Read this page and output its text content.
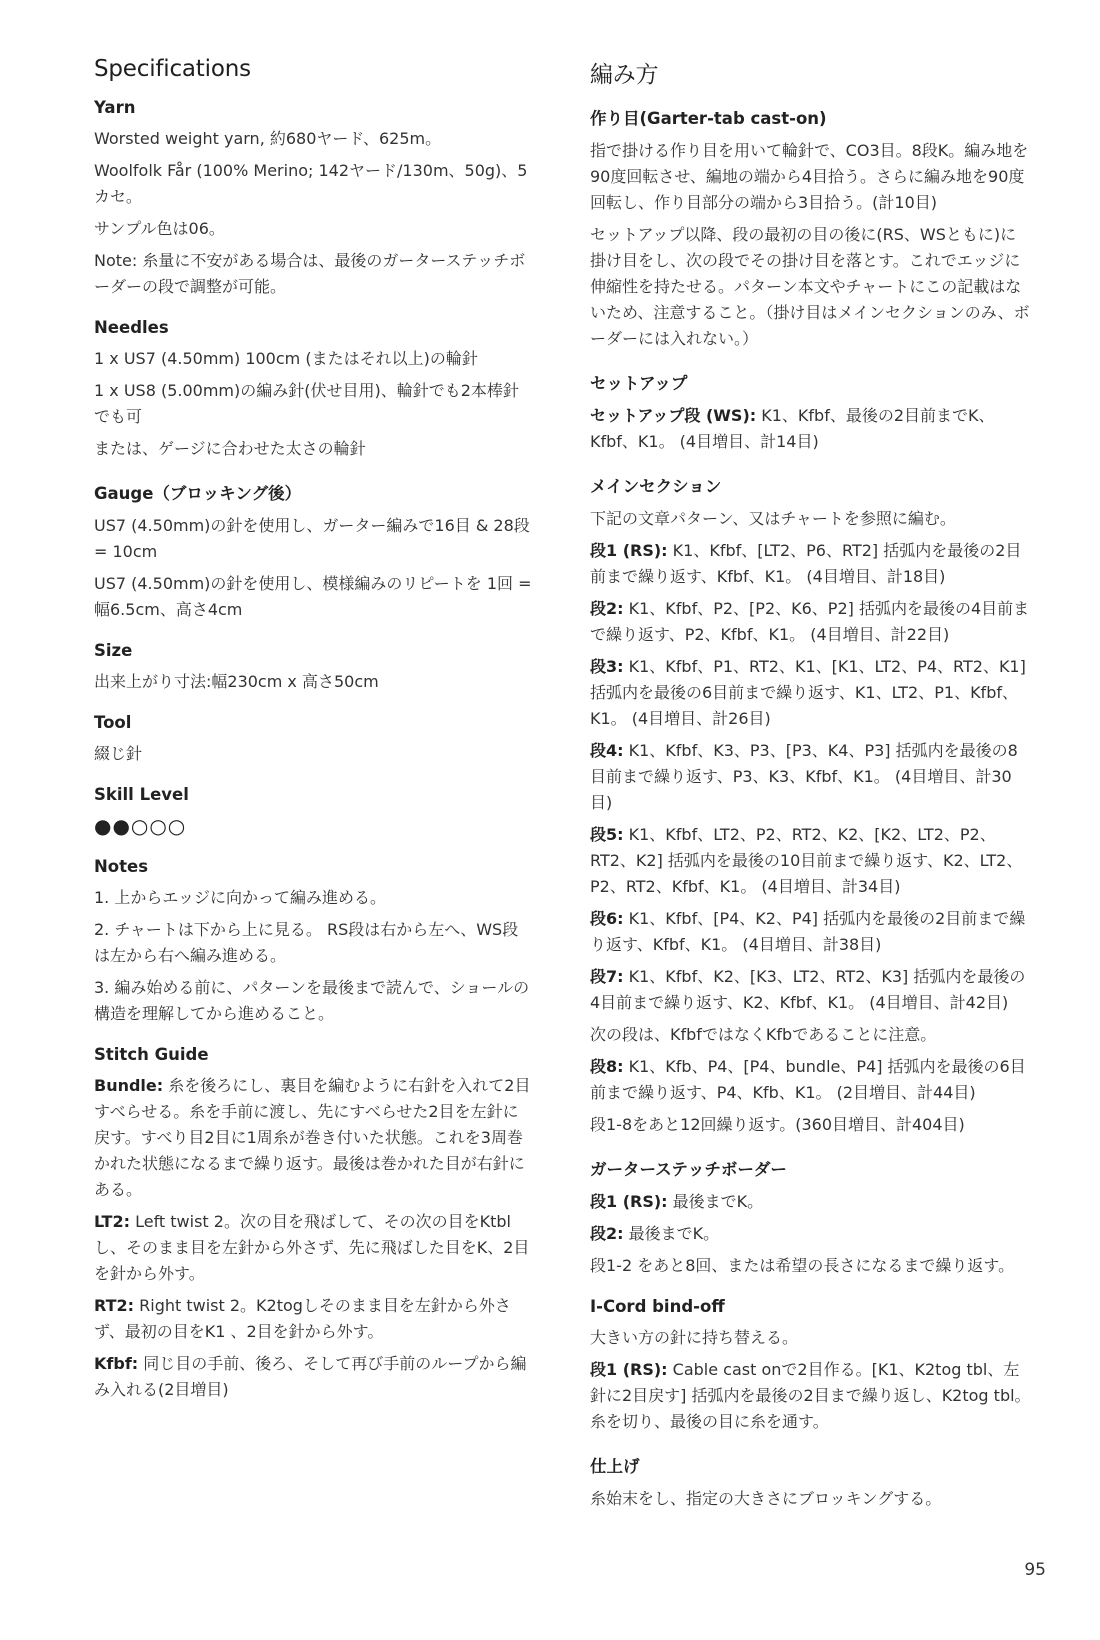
Specifications
Yarn

Worsted weight yarn, 約680ヤード、625m。

Woolfolk Får (100% Merino; 142ヤード/130m、50g)、5カセ。

サンプル色は06。

Note: 糸量に不安がある場合は、最後のガーターステッチボーダーの段で調整が可能。

Needles

1 x US7 (4.50mm) 100cm (またはそれ以上)の輪針

1 x US8 (5.00mm)の編み針(伏せ目用)、輪針でも2本棒針でも可

または、ゲージに合わせた太さの輪針

Gauge（ブロッキング後）

US7 (4.50mm)の針を使用し、ガーター編みで16目 & 28段 = 10cm

US7 (4.50mm)の針を使用し、模様編みのリピートを 1回 = 幅6.5cm、高さ4cm

Size

出来上がり寸法:幅230cm x 高さ50cm

Tool

綴じ針

Skill Level

●●○○○

Notes

1. 上からエッジに向かって編み進める。

2. チャートは下から上に見る。 RS段は右から左へ、WS段は左から右へ編み進める。

3. 編み始める前に、パターンを最後まで読んで、ショールの構造を理解してから進めること。

Stitch Guide

Bundle: 糸を後ろにし、裏目を編むように右針を入れて2目すべらせる。糸を手前に渡し、先にすべらせた2目を左針に戻す。すべり目2目に1周糸が巻き付いた状態。これを3周巻かれた状態になるまで繰り返す。最後は巻かれた目が右針にある。

LT2: Left twist 2。次の目を飛ばして、その次の目をKtblし、そのまま目を左針から外さず、先に飛ばした目をK、2目を針から外す。

RT2: Right twist 2。K2togしそのまま目を左針から外さず、最初の目をK1 、2目を針から外す。

Kfbf: 同じ目の手前、後ろ、そして再び手前のループから編み入れる(2目増目)

編み方
作り目(Garter-tab cast-on)

指で掛ける作り目を用いて輪針で、CO3目。8段K。編み地を90度回転させ、編地の端から4目拾う。さらに編み地を90度回転し、作り目部分の端から3目拾う。(計10目)

セットアップ以降、段の最初の目の後に(RS、WSともに)に掛け目をし、次の段でその掛け目を落とす。これでエッジに伸縮性を持たせる。パターン本文やチャートにこの記載はないため、注意すること。（掛け目はメインセクションのみ、ボーダーには入れない。）

セットアップ

セットアップ段 (WS): K1、Kfbf、最後の2目前までK、Kfbf、K1。 (4目増目、計14目)

メインセクション

下記の文章パターン、又はチャートを参照に編む。

段1 (RS): K1、Kfbf、[LT2、P6、RT2] 括弧内を最後の2目前まで繰り返す、Kfbf、K1。 (4目増目、計18目)

段2: K1、Kfbf、P2、[P2、K6、P2] 括弧内を最後の4目前まで繰り返す、P2、Kfbf、K1。 (4目増目、計22目)

段3: K1、Kfbf、P1、RT2、K1、[K1、LT2、P4、RT2、K1] 括弧内を最後の6目前まで繰り返す、K1、LT2、P1、Kfbf、K1。 (4目増目、計26目)

段4: K1、Kfbf、K3、P3、[P3、K4、P3] 括弧内を最後の8目前まで繰り返す、P3、K3、Kfbf、K1。 (4目増目、計30目)

段5: K1、Kfbf、LT2、P2、RT2、K2、[K2、LT2、P2、RT2、K2] 括弧内を最後の10目前まで繰り返す、K2、LT2、P2、RT2、Kfbf、K1。 (4目増目、計34目)

段6: K1、Kfbf、[P4、K2、P4] 括弧内を最後の2目前まで繰り返す、Kfbf、K1。 (4目増目、計38目)

段7: K1、Kfbf、K2、[K3、LT2、RT2、K3] 括弧内を最後の4目前まで繰り返す、K2、Kfbf、K1。 (4目増目、計42目)

次の段は、KfbfではなくKfbであることに注意。

段8: K1、Kfb、P4、[P4、bundle、P4] 括弧内を最後の6目前まで繰り返す、P4、Kfb、K1。 (2目増目、計44目)

段1-8をあと12回繰り返す。(360目増目、計404目)

ガーターステッチボーダー

段1 (RS): 最後までK。

段2: 最後までK。

段1-2 をあと8回、または希望の長さになるまで繰り返す。

I-Cord bind-off

大きい方の針に持ち替える。

段1 (RS): Cable cast onで2目作る。[K1、K2tog tbl、左針に2目戻す] 括弧内を最後の2目まで繰り返し、K2tog tbl。糸を切り、最後の目に糸を通す。

仕上げ

糸始末をし、指定の大きさにブロッキングする。

95
